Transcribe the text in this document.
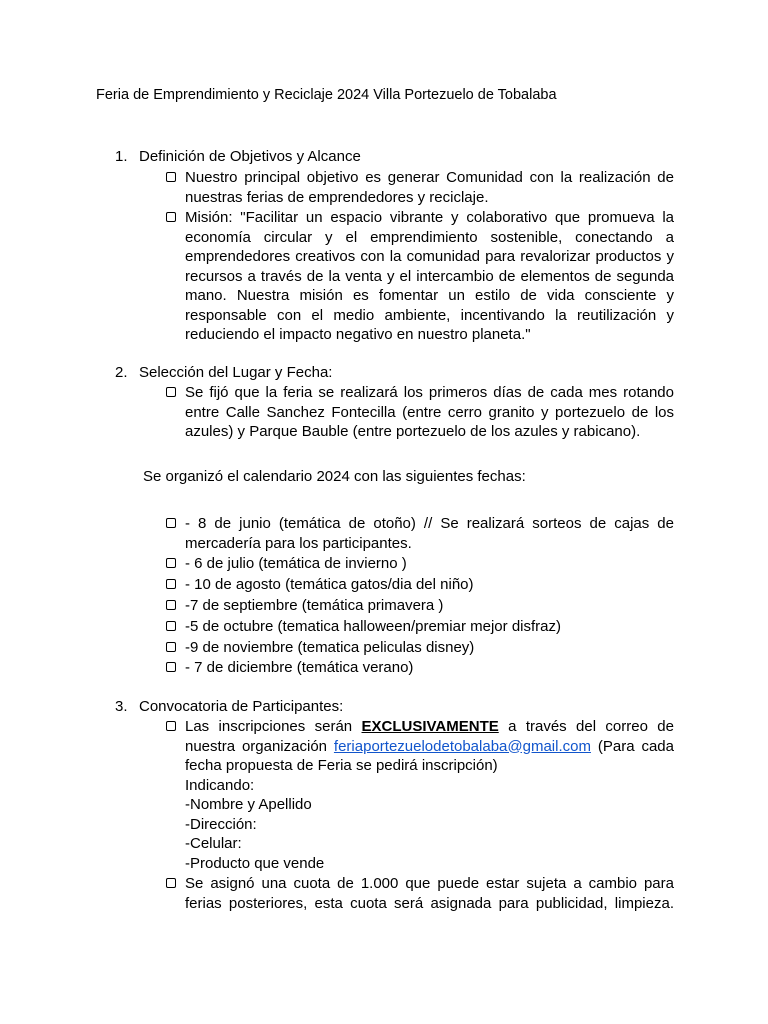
Feria de Emprendimiento y Reciclaje 2024 Villa Portezuelo de Tobalaba
1. Definición de Objetivos y Alcance
Nuestro principal objetivo es generar Comunidad con la realización de nuestras ferias de emprendedores y reciclaje.
Misión: "Facilitar un espacio vibrante y colaborativo que promueva la economía circular y el emprendimiento sostenible, conectando a emprendedores creativos con la comunidad para revalorizar productos y recursos a través de la venta y el intercambio de elementos de segunda mano. Nuestra misión es fomentar un estilo de vida consciente y responsable con el medio ambiente, incentivando la reutilización y reduciendo el impacto negativo en nuestro planeta."
2. Selección del Lugar y Fecha:
Se fijó que la feria se realizará los primeros días de cada mes rotando entre Calle Sanchez Fontecilla (entre cerro granito y portezuelo de los azules) y Parque Bauble (entre portezuelo de los azules y rabicano).
Se organizó el calendario 2024 con las siguientes fechas:
- 8 de junio (temática de otoño) // Se realizará sorteos de cajas de mercadería para los participantes.
- 6 de julio (temática de invierno )
- 10 de agosto (temática gatos/dia del niño)
-7 de septiembre (temática primavera )
-5 de octubre (tematica halloween/premiar mejor disfraz)
-9 de noviembre (tematica peliculas disney)
- 7 de diciembre (temática verano)
3. Convocatoria de Participantes:
Las inscripciones serán EXCLUSIVAMENTE a través del correo de nuestra organización feriaportezuelodetobalaba@gmail.com (Para cada fecha propuesta de Feria se pedirá inscripción)
Indicando:
-Nombre y Apellido
-Dirección:
-Celular:
-Producto que vende
Se asignó una cuota de 1.000 que puede estar sujeta a cambio para ferias posteriores, esta cuota será asignada para publicidad, limpieza.
